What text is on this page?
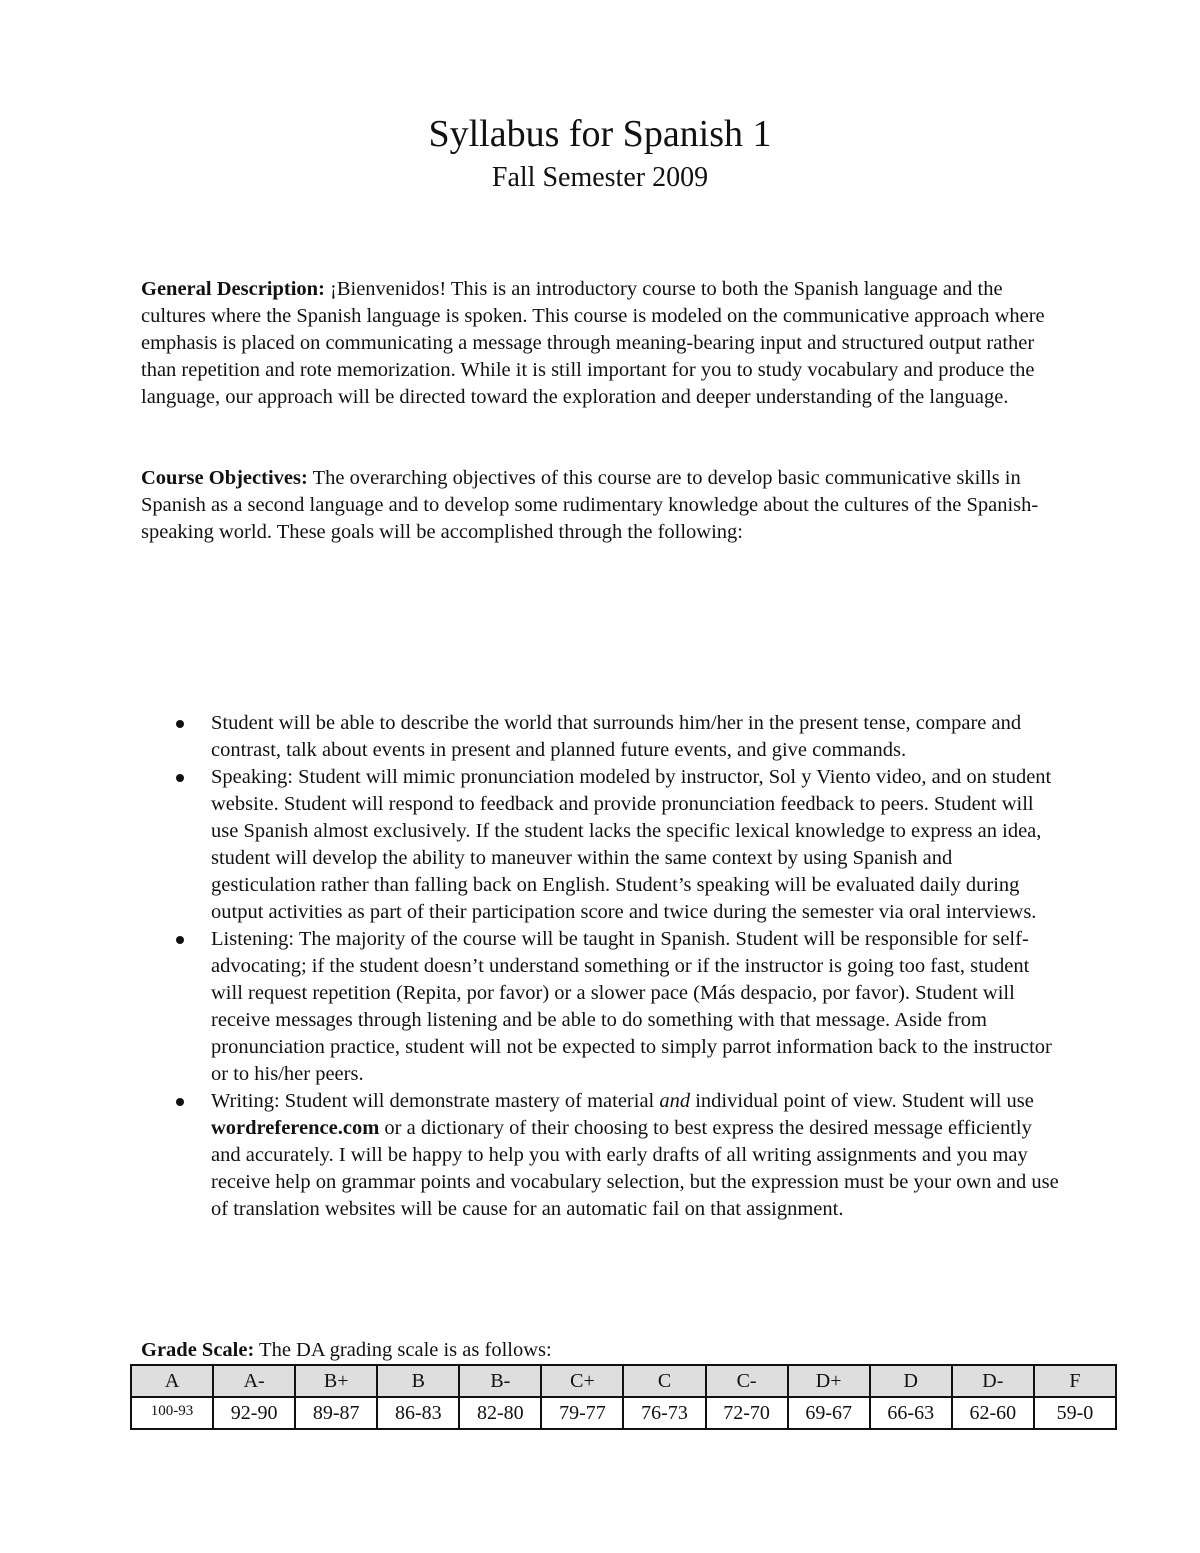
Syllabus for Spanish 1
Fall Semester 2009

General Description: ¡Bienvenidos! This is an introductory course to both the Spanish language and the cultures where the Spanish language is spoken. This course is modeled on the communicative approach where emphasis is placed on communicating a message through meaning-bearing input and structured output rather than repetition and rote memorization. While it is still important for you to study vocabulary and produce the language, our approach will be directed toward the exploration and deeper understanding of the language.

Course Objectives: The overarching objectives of this course are to develop basic communicative skills in Spanish as a second language and to develop some rudimentary knowledge about the cultures of the Spanish-speaking world. These goals will be accomplished through the following:

Student will be able to describe the world that surrounds him/her in the present tense, compare and contrast, talk about events in present and planned future events, and give commands.
Speaking: Student will mimic pronunciation modeled by instructor, Sol y Viento video, and on student website. Student will respond to feedback and provide pronunciation feedback to peers. Student will use Spanish almost exclusively. If the student lacks the specific lexical knowledge to express an idea, student will develop the ability to maneuver within the same context by using Spanish and gesticulation rather than falling back on English. Student’s speaking will be evaluated daily during output activities as part of their participation score and twice during the semester via oral interviews.
Listening: The majority of the course will be taught in Spanish. Student will be responsible for self-advocating; if the student doesn’t understand something or if the instructor is going too fast, student will request repetition (Repita, por favor) or a slower pace (Más despacio, por favor). Student will receive messages through listening and be able to do something with that message. Aside from pronunciation practice, student will not be expected to simply parrot information back to the instructor or to his/her peers.
Writing: Student will demonstrate mastery of material and individual point of view. Student will use wordreference.com or a dictionary of their choosing to best express the desired message efficiently and accurately. I will be happy to help you with early drafts of all writing assignments and you may receive help on grammar points and vocabulary selection, but the expression must be your own and use of translation websites will be cause for an automatic fail on that assignment.
Grade Scale: The DA grading scale is as follows:
A	A-	B+	B	B-	C+	C	C-	D+	D	D-	F
100-93	92-90	89-87	86-83	82-80	79-77	76-73	72-70	69-67	66-63	62-60	59-0
